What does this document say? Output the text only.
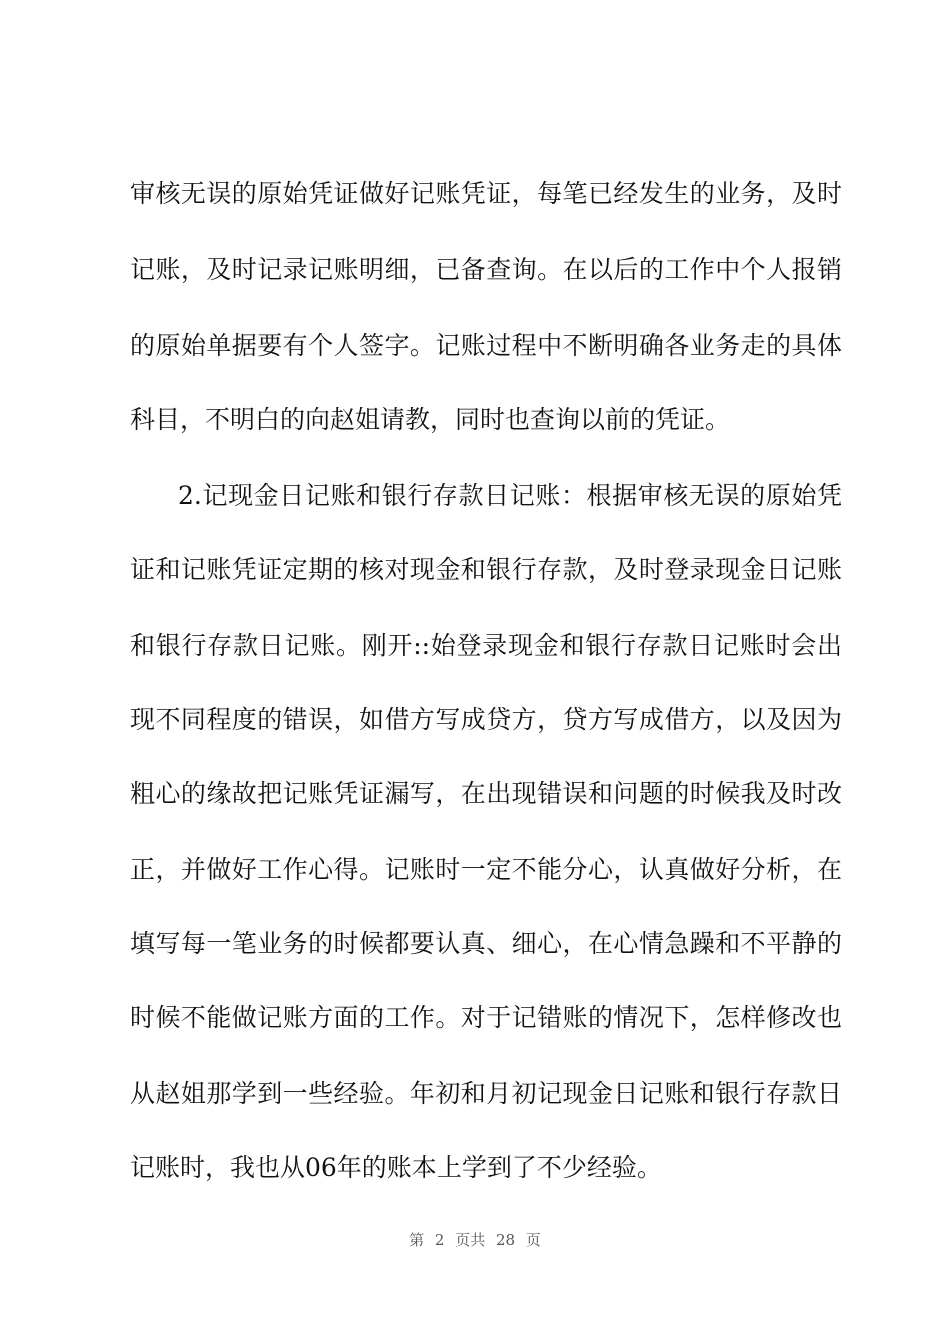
审核无误的原始凭证做好记账凭证，每笔已经发生的业务，及时
记账，及时记录记账明细，已备查询。在以后的工作中个人报销
的原始单据要有个人签字。记账过程中不断明确各业务走的具体
科目，不明白的向赵姐请教，同时也查询以前的凭证。
2.记现金日记账和银行存款日记账：根据审核无误的原始凭
证和记账凭证定期的核对现金和银行存款，及时登录现金日记账
和银行存款日记账。刚开::始登录现金和银行存款日记账时会出
现不同程度的错误，如借方写成贷方，贷方写成借方，以及因为
粗心的缘故把记账凭证漏写，在出现错误和问题的时候我及时改
正，并做好工作心得。记账时一定不能分心，认真做好分析，在
填写每一笔业务的时候都要认真、细心，在心情急躁和不平静的
时候不能做记账方面的工作。对于记错账的情况下，怎样修改也
从赵姐那学到一些经验。年初和月初记现金日记账和银行存款日
记账时，我也从06年的账本上学到了不少经验。
第 2 页共 28 页
